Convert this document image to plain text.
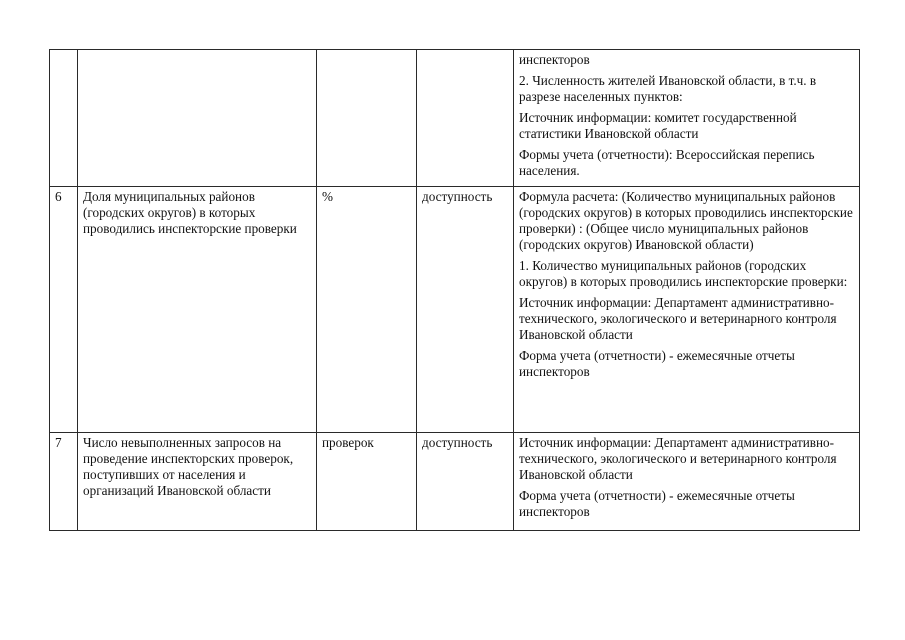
				инспекторов

2. Численность жителей Ивановской области, в т.ч. в разрезе населенных пунктов:

Источник информации: комитет государственной статистики Ивановской области

Формы учета (отчетности): Всероссийская перепись населения.

6	Доля муниципальных районов (городских округов) в которых проводились инспекторские проверки	%	доступность	Формула расчета: (Количество муниципальных районов (городских округов) в которых проводились инспекторские проверки) : (Общее число муниципальных районов (городских округов) Ивановской области)

1. Количество муниципальных районов (городских округов) в которых проводились инспекторские проверки:

Источник информации: Департамент административно-технического, экологического и ветеринарного контроля Ивановской области

Форма учета (отчетности) - ежемесячные отчеты инспекторов

7	Число невыполненных запросов на проведение инспекторских проверок, поступивших от населения и организаций Ивановской области	проверок	доступность	Источник информации: Департамент административно-технического, экологического и ветеринарного контроля Ивановской области

Форма учета (отчетности) - ежемесячные отчеты инспекторов
